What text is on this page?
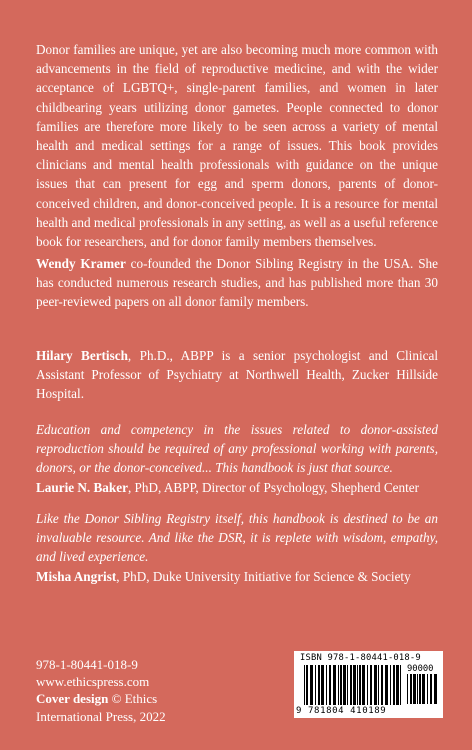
Donor families are unique, yet are also becoming much more common with advancements in the field of reproductive medicine, and with the wider acceptance of LGBTQ+, single-parent families, and women in later childbearing years utilizing donor gametes. People connected to donor families are therefore more likely to be seen across a variety of mental health and medical settings for a range of issues. This book provides clinicians and mental health professionals with guidance on the unique issues that can present for egg and sperm donors, parents of donor-conceived children, and donor-conceived people. It is a resource for mental health and medical professionals in any setting, as well as a useful reference book for researchers, and for donor family members themselves.
Wendy Kramer co-founded the Donor Sibling Registry in the USA. She has conducted numerous research studies, and has published more than 30 peer-reviewed papers on all donor family members.
Hilary Bertisch, Ph.D., ABPP is a senior psychologist and Clinical Assistant Professor of Psychiatry at Northwell Health, Zucker Hillside Hospital.
Education and competency in the issues related to donor-assisted reproduction should be required of any professional working with parents, donors, or the donor-conceived... This handbook is just that source.
Laurie N. Baker, PhD, ABPP, Director of Psychology, Shepherd Center
Like the Donor Sibling Registry itself, this handbook is destined to be an invaluable resource. And like the DSR, it is replete with wisdom, empathy, and lived experience.
Misha Angrist, PhD, Duke University Initiative for Science & Society
978-1-80441-018-9
www.ethicspress.com
Cover design © Ethics
International Press, 2022
ISBN 978-1-80441-018-9
90000
9 781804 410189
